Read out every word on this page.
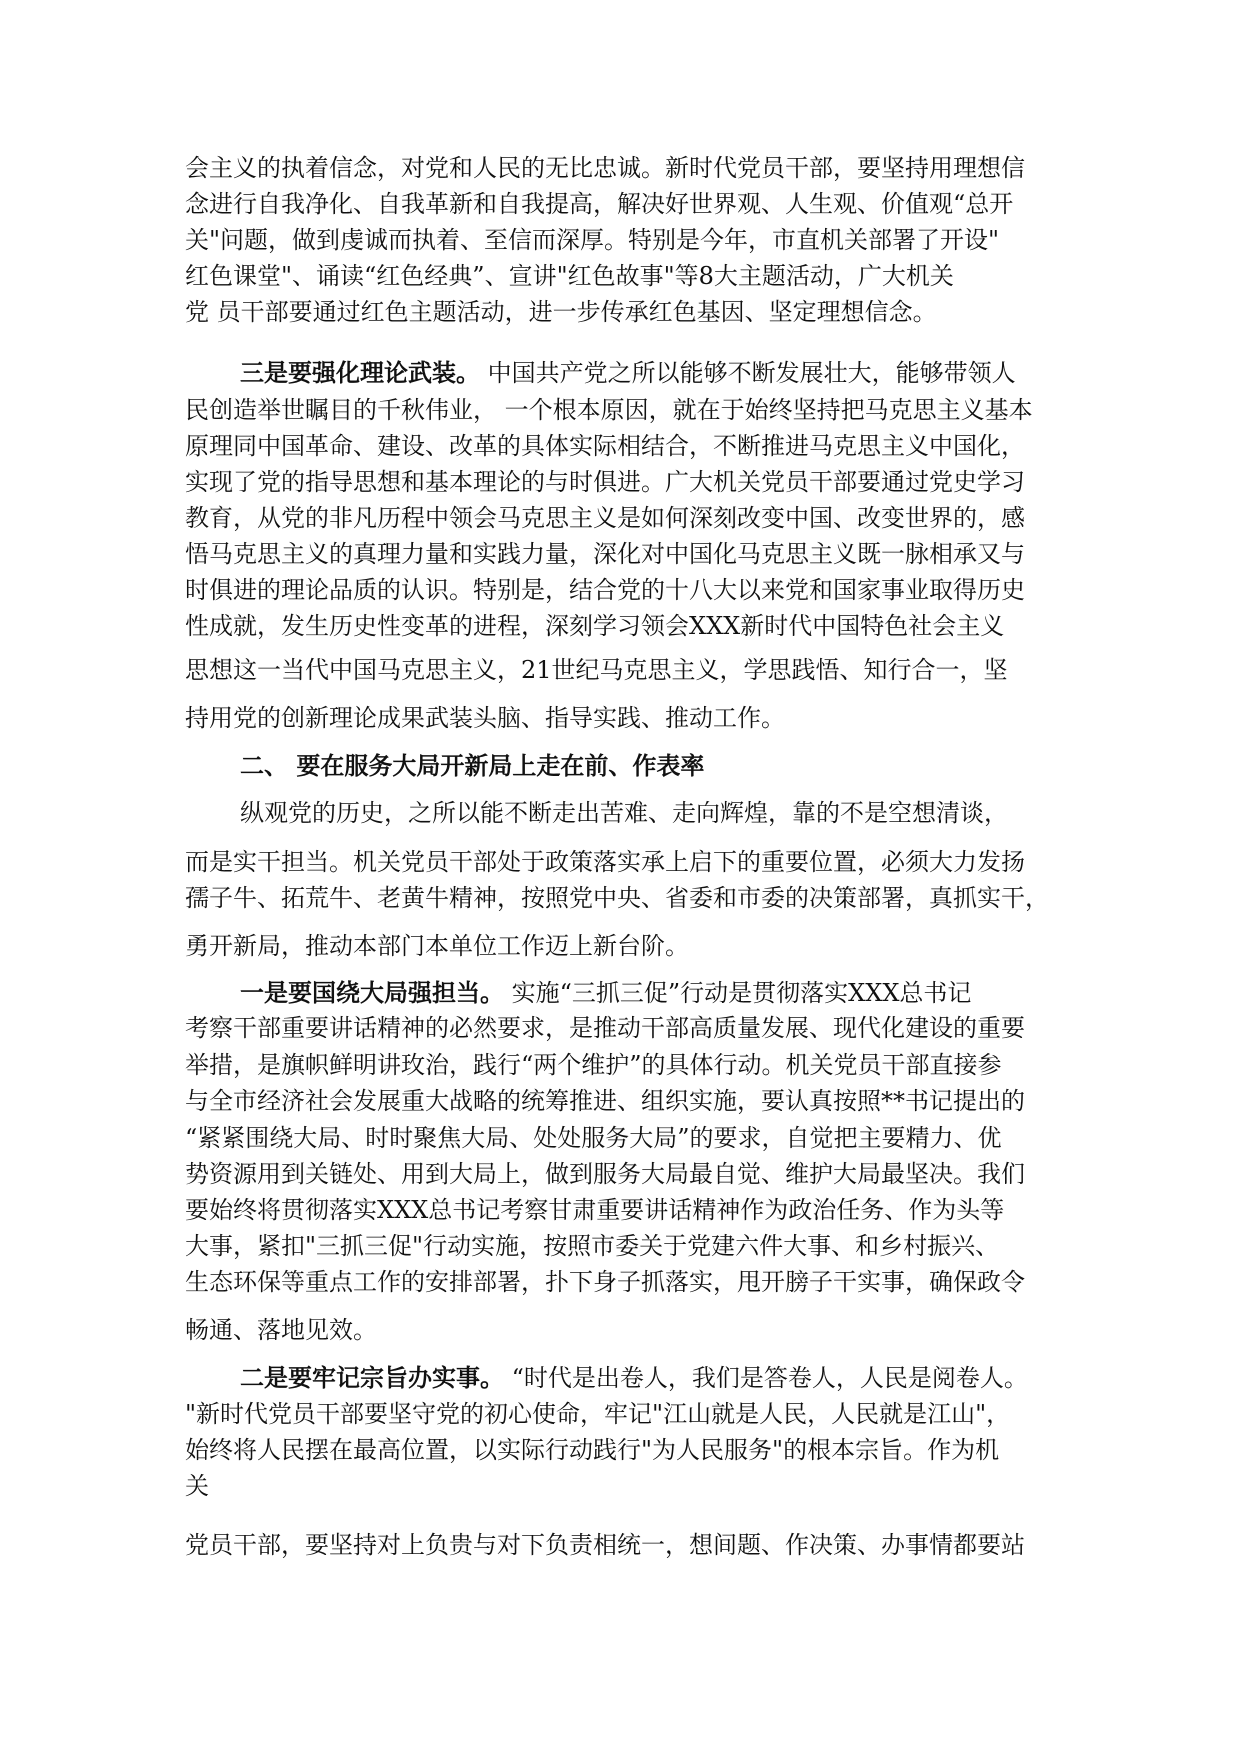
会主义的执着信念，对党和人民的无比忠诚。新时代党员干部，要坚持用理想信
念进行自我净化、自我革新和自我提高，解决好世界观、人生观、价值观“总开
关"问题，做到虔诚而执着、至信而深厚。特别是今年，市直机关部署了开设"
红色课堂"、诵读“红色经典”、宣讲"红色故事"等8大主题活动，广大机关
党 员干部要通过红色主题活动，进一步传承红色基因、坚定理想信念。
三是要强化理论武装。 中国共产党之所以能够不断发展壮大，能够带领人
民创造举世瞩目的千秋伟业， 一个根本原因，就在于始终坚持把马克思主义基本
原理同中国革命、建设、改革的具体实际相结合，不断推进马克思主义中国化，
实现了党的指导思想和基本理论的与时俱进。广大机关党员干部要通过党史学习
教育，从党的非凡历程中领会马克思主义是如何深刻改变中国、改变世界的，感
悟马克思主义的真理力量和实践力量，深化对中国化马克思主义既一脉相承又与
时俱进的理论品质的认识。特别是，结合党的十八大以来党和国家事业取得历史
性成就，发生历史性变革的进程，深刻学习领会XXX新时代中国特色社会主义
思想这一当代中国马克思主义，21世纪马克思主义，学思践悟、知行合一，坚
持用党的创新理论成果武装头脑、指导实践、推动工作。
二、 要在服务大局开新局上走在前、作表率
纵观党的历史，之所以能不断走出苦难、走向辉煌，靠的不是空想清谈，
而是实干担当。机关党员干部处于政策落实承上启下的重要位置，必须大力发扬
孺子牛、拓荒牛、老黄牛精神，按照党中央、省委和市委的决策部署，真抓实干，
勇开新局，推动本部门本单位工作迈上新台阶。
一是要国绕大局强担当。 实施“三抓三促”行动是贯彻落实XXX总书记
考察干部重要讲话精神的必然要求，是推动干部高质量发展、现代化建设的重要
举措，是旗帜鲜明讲玫治，践行“两个维护”的具体行动。机关党员干部直接参
与全市经济社会发展重大战略的统筹推进、组织实施，要认真按照**书记提出的
“紧紧围绕大局、时时聚焦大局、处处服务大局”的要求，自觉把主要精力、优
势资源用到关链处、用到大局上，做到服务大局最自觉、维护大局最坚决。我们
要始终将贯彻落实XXX总书记考察甘肃重要讲话精神作为政治任务、作为头等
大事，紧扣"三抓三促"行动实施，按照市委关于党建六件大事、和乡村振兴、
生态环保等重点工作的安排部署，扑下身子抓落实，甩开膀子干实事，确保政令
畅通、落地见效。
二是要牢记宗旨办实事。 “时代是出卷人，我们是答卷人，人民是阅卷人。
"新时代党员干部要坚守党的初心使命，牢记"江山就是人民，人民就是江山"，
始终将人民摆在最高位置，以实际行动践行"为人民服务"的根本宗旨。作为机
关
党员干部，要坚持对上负贵与对下负责相统一，想间题、作决策、办事情都要站
